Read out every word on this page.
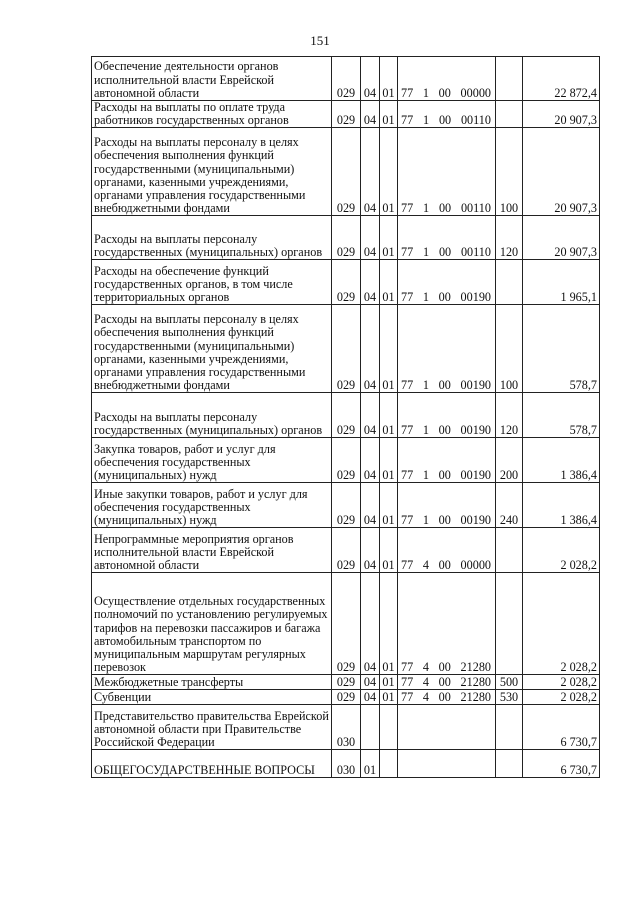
151
Обеспечение деятельности органов исполнительной власти Еврейской автономной области	029	04	01	77 1 00 00000		22 872,4
Расходы на выплаты по оплате труда работников государственных органов	029	04	01	77 1 00 00110		20 907,3
Расходы на выплаты персоналу в целях обеспечения выполнения функций государственными (муниципальными) органами, казенными учреждениями, органами управления государственными внебюджетными фондами	029	04	01	77 1 00 00110	100	20 907,3
Расходы на выплаты персоналу государственных (муниципальных) органов	029	04	01	77 1 00 00110	120	20 907,3
Расходы на обеспечение функций государственных органов, в том числе территориальных органов	029	04	01	77 1 00 00190		1 965,1
Расходы на выплаты персоналу в целях обеспечения выполнения функций государственными (муниципальными) органами, казенными учреждениями, органами управления государственными внебюджетными фондами	029	04	01	77 1 00 00190	100	578,7
Расходы на выплаты персоналу государственных (муниципальных) органов	029	04	01	77 1 00 00190	120	578,7
Закупка товаров, работ и услуг для обеспечения государственных (муниципальных) нужд	029	04	01	77 1 00 00190	200	1 386,4
Иные закупки товаров, работ и услуг для обеспечения государственных (муниципальных) нужд	029	04	01	77 1 00 00190	240	1 386,4
Непрограммные мероприятия органов исполнительной власти Еврейской автономной области	029	04	01	77 4 00 00000		2 028,2
Осуществление отдельных государственных полномочий по установлению регулируемых тарифов на перевозки пассажиров и багажа автомобильным транспортом по муниципальным маршрутам регулярных перевозок	029	04	01	77 4 00 21280		2 028,2
Межбюджетные трансферты	029	04	01	77 4 00 21280	500	2 028,2
Субвенции	029	04	01	77 4 00 21280	530	2 028,2
Представительство правительства Еврейской автономной области при Правительстве Российской Федерации	030					6 730,7
ОБЩЕГОСУДАРСТВЕННЫЕ ВОПРОСЫ	030	01				6 730,7
